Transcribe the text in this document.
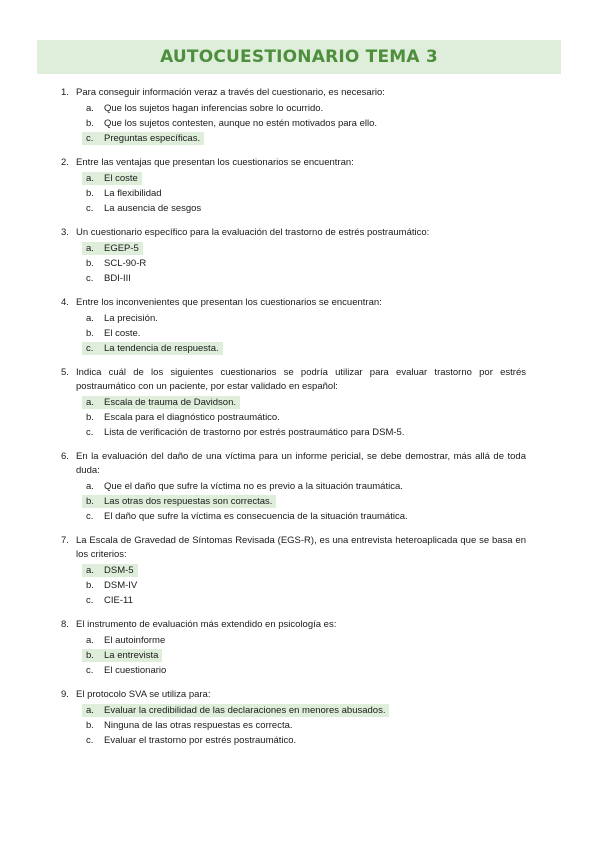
AUTOCUESTIONARIO TEMA 3
1. Para conseguir información veraz a través del cuestionario, es necesario:
a. Que los sujetos hagan inferencias sobre lo ocurrido.
b. Que los sujetos contesten, aunque no estén motivados para ello.
c. Preguntas específicas.
2. Entre las ventajas que presentan los cuestionarios se encuentran:
a. El coste
b. La flexibilidad
c. La ausencia de sesgos
3. Un cuestionario específico para la evaluación del trastorno de estrés postraumático:
a. EGEP-5
b. SCL-90-R
c. BDI-III
4. Entre los inconvenientes que presentan los cuestionarios se encuentran:
a. La precisión.
b. El coste.
c. La tendencia de respuesta.
5. Indica cuál de los siguientes cuestionarios se podría utilizar para evaluar trastorno por estrés postraumático con un paciente, por estar validado en español:
a. Escala de trauma de Davidson.
b. Escala para el diagnóstico postraumático.
c. Lista de verificación de trastorno por estrés postraumático para DSM-5.
6. En la evaluación del daño de una víctima para un informe pericial, se debe demostrar, más allá de toda duda:
a. Que el daño que sufre la víctima no es previo a la situación traumática.
b. Las otras dos respuestas son correctas.
c. El daño que sufre la víctima es consecuencia de la situación traumática.
7. La Escala de Gravedad de Síntomas Revisada (EGS-R), es una entrevista heteroaplicada que se basa en los criterios:
a. DSM-5
b. DSM-IV
c. CIE-11
8. El instrumento de evaluación más extendido en psicología es:
a. El autoinforme
b. La entrevista
c. El cuestionario
9. El protocolo SVA se utiliza para:
a. Evaluar la credibilidad de las declaraciones en menores abusados.
b. Ninguna de las otras respuestas es correcta.
c. Evaluar el trastorno por estrés postraumático.
